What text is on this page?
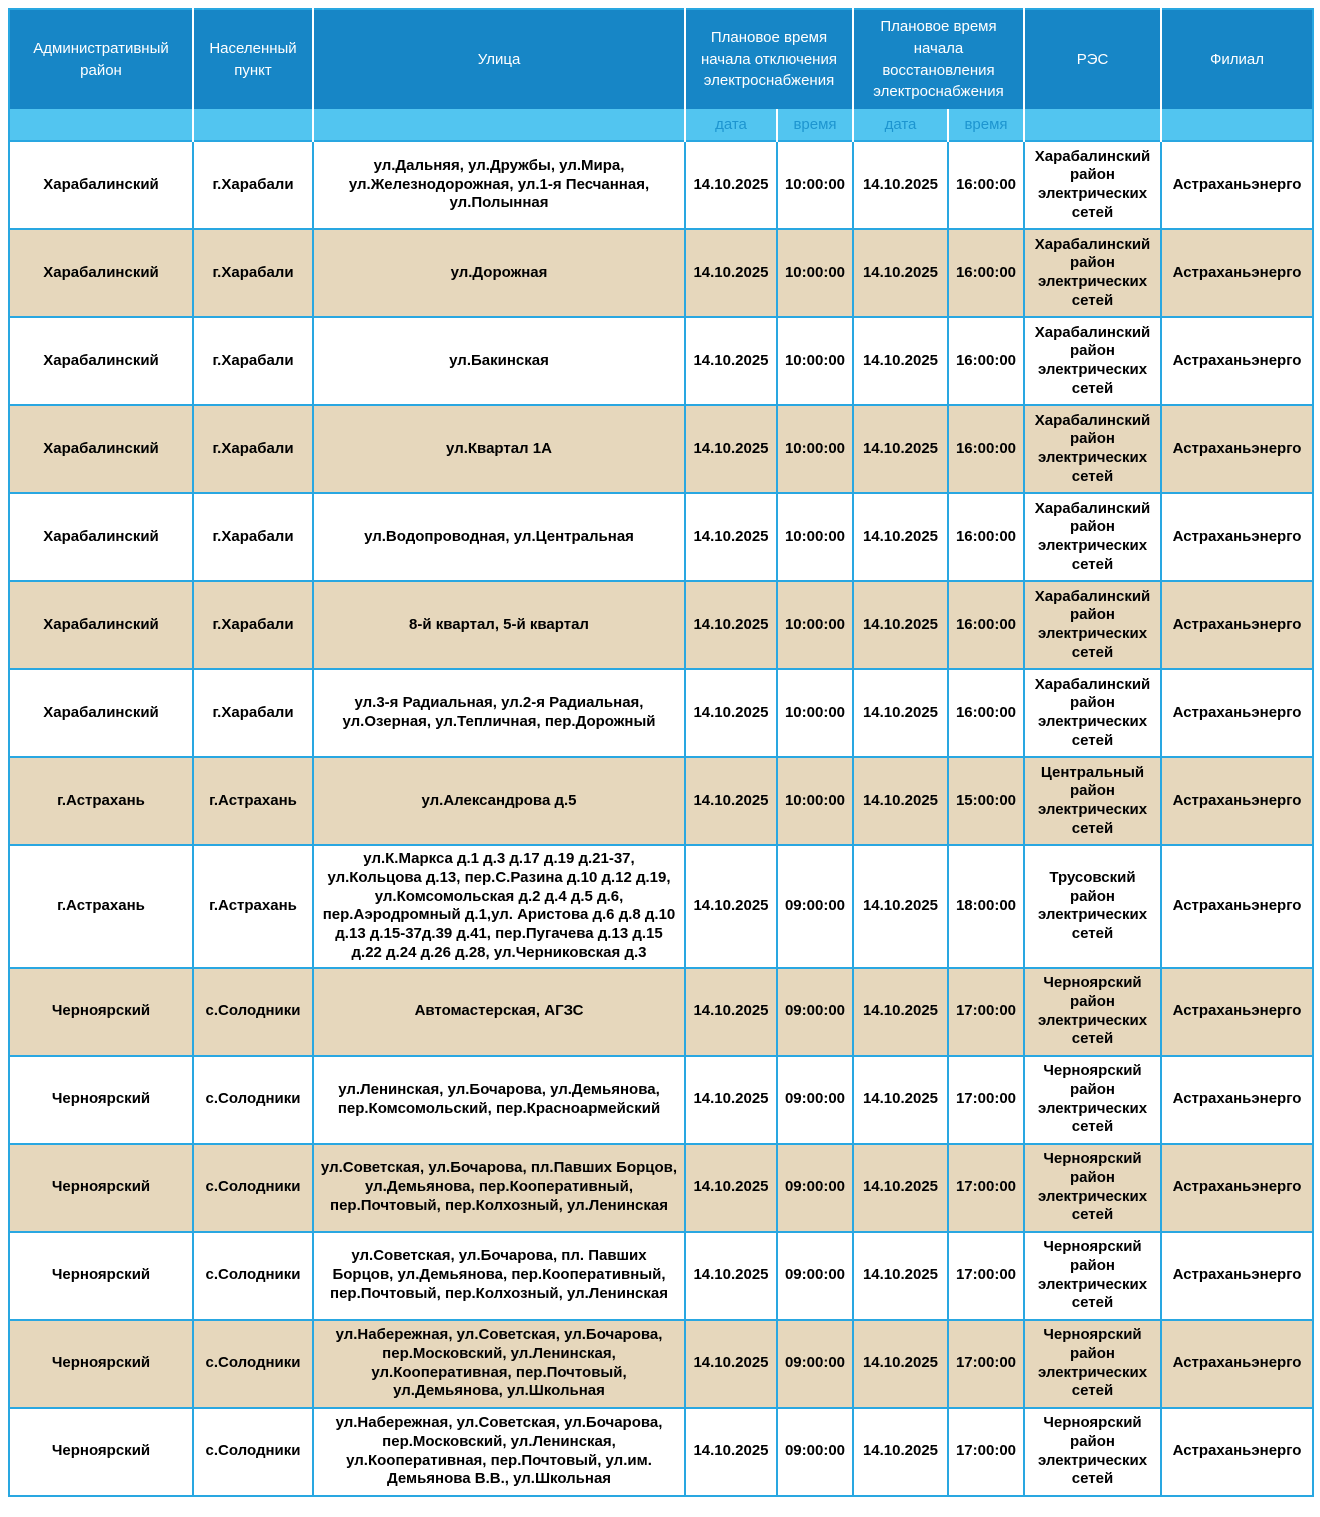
Административный район	Населенный пункт	Улица	Плановое время начала отключения электроснабжения		Плановое время начала восстановления электроснабжения		РЭС	Филиал
			дата	время	дата	время		
Харабалинский	г.Харабали	ул.Дальняя, ул.Дружбы, ул.Мира, ул.Железнодорожная, ул.1-я Песчанная, ул.Полынная	14.10.2025	10:00:00	14.10.2025	16:00:00	Харабалинский район электрических сетей	Астраханьэнерго
Харабалинский	г.Харабали	ул.Дорожная	14.10.2025	10:00:00	14.10.2025	16:00:00	Харабалинский район электрических сетей	Астраханьэнерго
Харабалинский	г.Харабали	ул.Бакинская	14.10.2025	10:00:00	14.10.2025	16:00:00	Харабалинский район электрических сетей	Астраханьэнерго
Харабалинский	г.Харабали	ул.Квартал 1А	14.10.2025	10:00:00	14.10.2025	16:00:00	Харабалинский район электрических сетей	Астраханьэнерго
Харабалинский	г.Харабали	ул.Водопроводная, ул.Центральная	14.10.2025	10:00:00	14.10.2025	16:00:00	Харабалинский район электрических сетей	Астраханьэнерго
Харабалинский	г.Харабали	8-й квартал, 5-й квартал	14.10.2025	10:00:00	14.10.2025	16:00:00	Харабалинский район электрических сетей	Астраханьэнерго
Харабалинский	г.Харабали	ул.3-я Радиальная, ул.2-я Радиальная, ул.Озерная, ул.Тепличная, пер.Дорожный	14.10.2025	10:00:00	14.10.2025	16:00:00	Харабалинский район электрических сетей	Астраханьэнерго
г.Астрахань	г.Астрахань	ул.Александрова д.5	14.10.2025	10:00:00	14.10.2025	15:00:00	Центральный район электрических сетей	Астраханьэнерго
г.Астрахань	г.Астрахань	ул.К.Маркса д.1 д.3 д.17 д.19 д.21-37, ул.Кольцова д.13, пер.С.Разина д.10 д.12 д.19, ул.Комсомольская д.2 д.4 д.5 д.6, пер.Аэродромный д.1,ул. Аристова д.6 д.8 д.10 д.13 д.15-37д.39 д.41, пер.Пугачева д.13 д.15 д.22 д.24 д.26 д.28, ул.Черниковская д.3	14.10.2025	09:00:00	14.10.2025	18:00:00	Трусовский район электрических сетей	Астраханьэнерго
Черноярский	с.Солодники	Автомастерская, АГЗС	14.10.2025	09:00:00	14.10.2025	17:00:00	Черноярский район электрических сетей	Астраханьэнерго
Черноярский	с.Солодники	ул.Ленинская, ул.Бочарова, ул.Демьянова, пер.Комсомольский, пер.Красноармейский	14.10.2025	09:00:00	14.10.2025	17:00:00	Черноярский район электрических сетей	Астраханьэнерго
Черноярский	с.Солодники	ул.Советская, ул.Бочарова, пл.Павших Борцов, ул.Демьянова, пер.Кооперативный, пер.Почтовый, пер.Колхозный, ул.Ленинская	14.10.2025	09:00:00	14.10.2025	17:00:00	Черноярский район электрических сетей	Астраханьэнерго
Черноярский	с.Солодники	ул.Советская, ул.Бочарова, пл. Павших Борцов, ул.Демьянова, пер.Кооперативный, пер.Почтовый, пер.Колхозный, ул.Ленинская	14.10.2025	09:00:00	14.10.2025	17:00:00	Черноярский район электрических сетей	Астраханьэнерго
Черноярский	с.Солодники	ул.Набережная, ул.Советская, ул.Бочарова, пер.Московский, ул.Ленинская, ул.Кооперативная, пер.Почтовый, ул.Демьянова, ул.Школьная	14.10.2025	09:00:00	14.10.2025	17:00:00	Черноярский район электрических сетей	Астраханьэнерго
Черноярский	с.Солодники	ул.Набережная, ул.Советская, ул.Бочарова, пер.Московский, ул.Ленинская, ул.Кооперативная, пер.Почтовый, ул.им. Демьянова В.В., ул.Школьная	14.10.2025	09:00:00	14.10.2025	17:00:00	Черноярский район электрических сетей	Астраханьэнерго
